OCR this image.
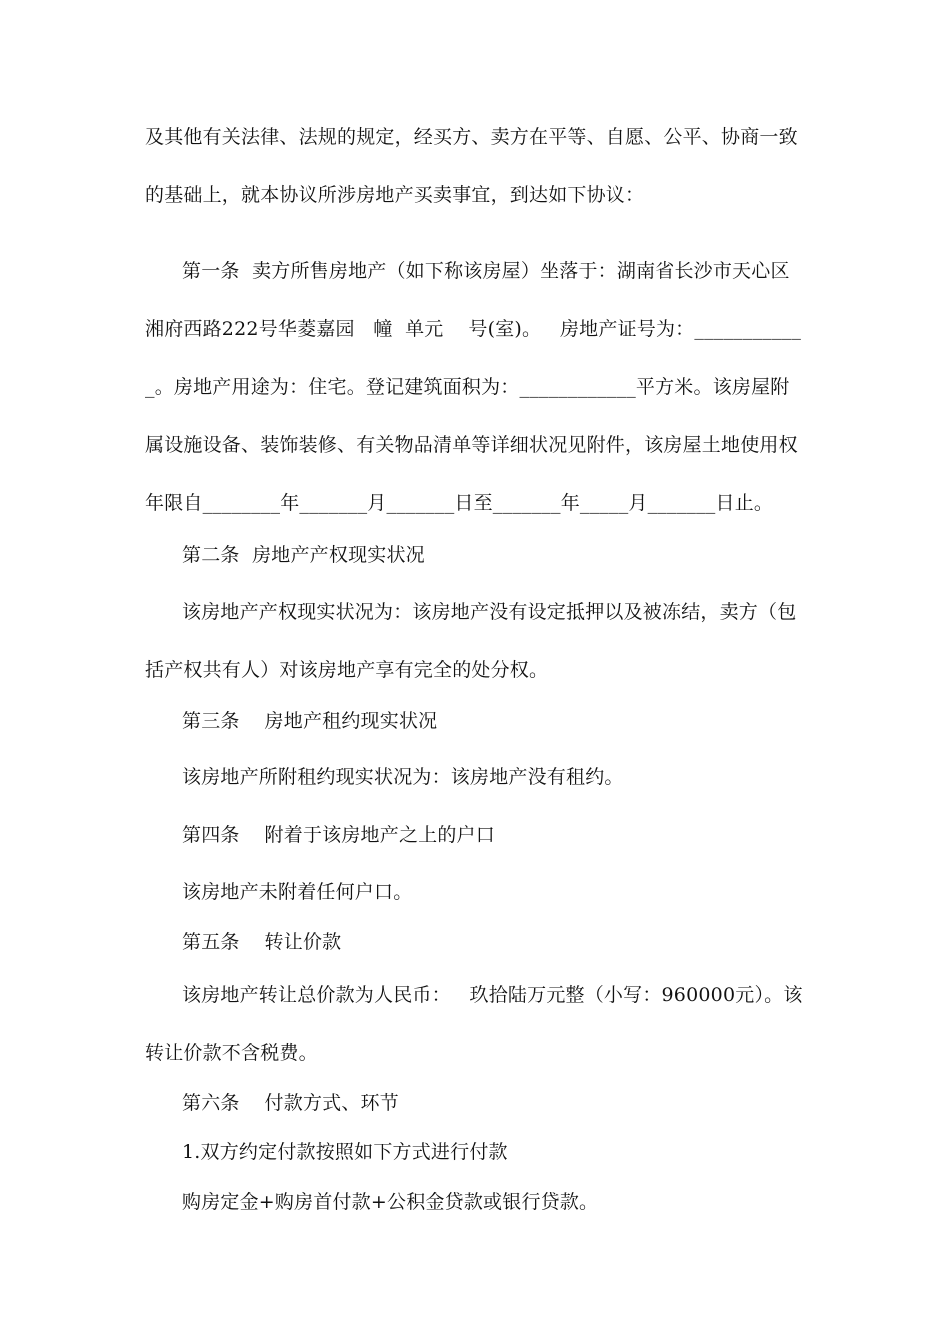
及其他有关法律、法规的规定，经买方、卖方在平等、自愿、公平、协商一致
的基础上，就本协议所涉房地产买卖事宜，到达如下协议：
第一条  卖方所售房地产（如下称该房屋）坐落于：湖南省长沙市天心区
湘府西路222号华菱嘉园   幢  单元    号(室)。   房地产证号为：___________
_。房地产用途为：住宅。登记建筑面积为：____________平方米。该房屋附
属设施设备、装饰装修、有关物品清单等详细状况见附件，该房屋土地使用权
年限自________年_______月_______日至_______年_____月_______日止。
第二条  房地产产权现实状况
该房地产产权现实状况为：该房地产没有设定抵押以及被冻结，卖方（包
括产权共有人）对该房地产享有完全的处分权。
第三条    房地产租约现实状况
该房地产所附租约现实状况为：该房地产没有租约。
第四条    附着于该房地产之上的户口
该房地产未附着任何户口。
第五条    转让价款
该房地产转让总价款为人民币：   玖拾陆万元整（小写：960000元）。该
转让价款不含税费。
第六条    付款方式、环节
1.双方约定付款按照如下方式进行付款
购房定金+购房首付款+公积金贷款或银行贷款。
